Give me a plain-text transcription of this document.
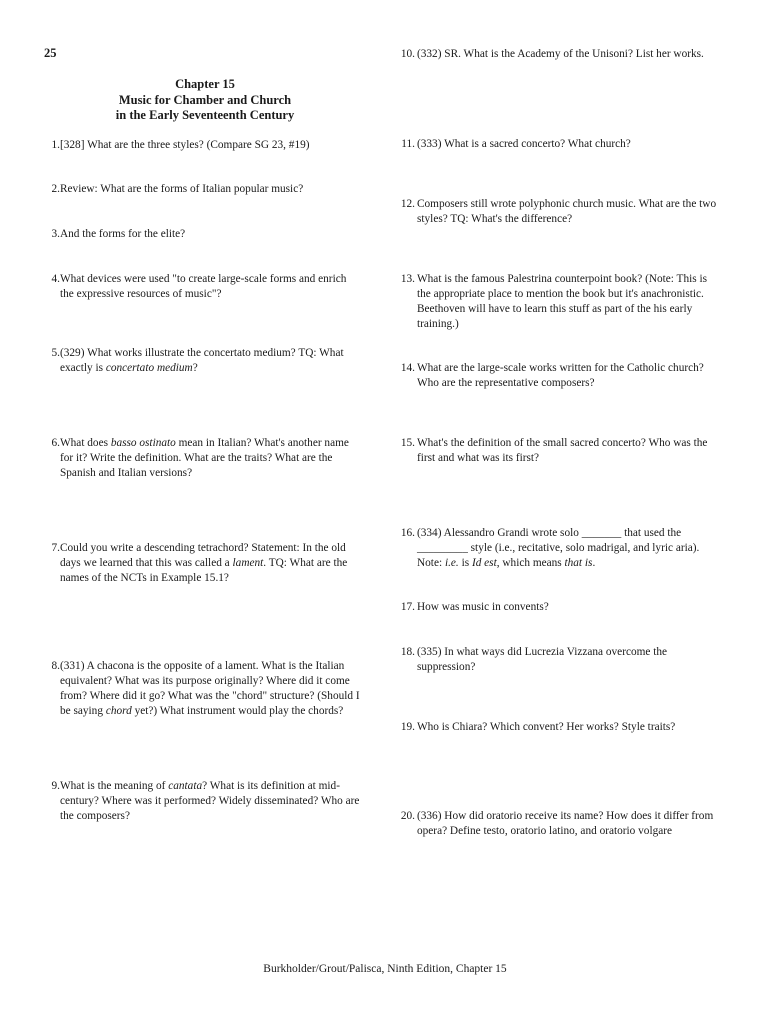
25
Chapter 15
Music for Chamber and Church
in the Early Seventeenth Century
1. [328] What are the three styles? (Compare SG 23, #19)
2. Review: What are the forms of Italian popular music?
3. And the forms for the elite?
4. What devices were used "to create large-scale forms and enrich the expressive resources of music"?
5. (329) What works illustrate the concertato medium? TQ: What exactly is concertato medium?
6. What does basso ostinato mean in Italian? What's another name for it? Write the definition. What are the traits? What are the Spanish and Italian versions?
7. Could you write a descending tetrachord? Statement: In the old days we learned that this was called a lament. TQ: What are the names of the NCTs in Example 15.1?
8. (331) A chacona is the opposite of a lament. What is the Italian equivalent? What was its purpose originally? Where did it come from? Where did it go? What was the "chord" structure? (Should I be saying chord yet?) What instrument would play the chords?
9. What is the meaning of cantata? What is its definition at mid-century? Where was it performed? Widely disseminated? Who are the composers?
10. (332) SR. What is the Academy of the Unisoni? List her works.
11. (333) What is a sacred concerto? What church?
12. Composers still wrote polyphonic church music. What are the two styles? TQ: What's the difference?
13. What is the famous Palestrina counterpoint book? (Note: This is the appropriate place to mention the book but it's anachronistic. Beethoven will have to learn this stuff as part of the his early training.)
14. What are the large-scale works written for the Catholic church? Who are the representative composers?
15. What's the definition of the small sacred concerto? Who was the first and what was its first?
16. (334) Alessandro Grandi wrote solo _______ that used the _________ style (i.e., recitative, solo madrigal, and lyric aria). Note: i.e. is Id est, which means that is.
17. How was music in convents?
18. (335) In what ways did Lucrezia Vizzana overcome the suppression?
19. Who is Chiara? Which convent? Her works? Style traits?
20. (336) How did oratorio receive its name? How does it differ from opera? Define testo, oratorio latino, and oratorio volgare
Burkholder/Grout/Palisca, Ninth Edition, Chapter 15
